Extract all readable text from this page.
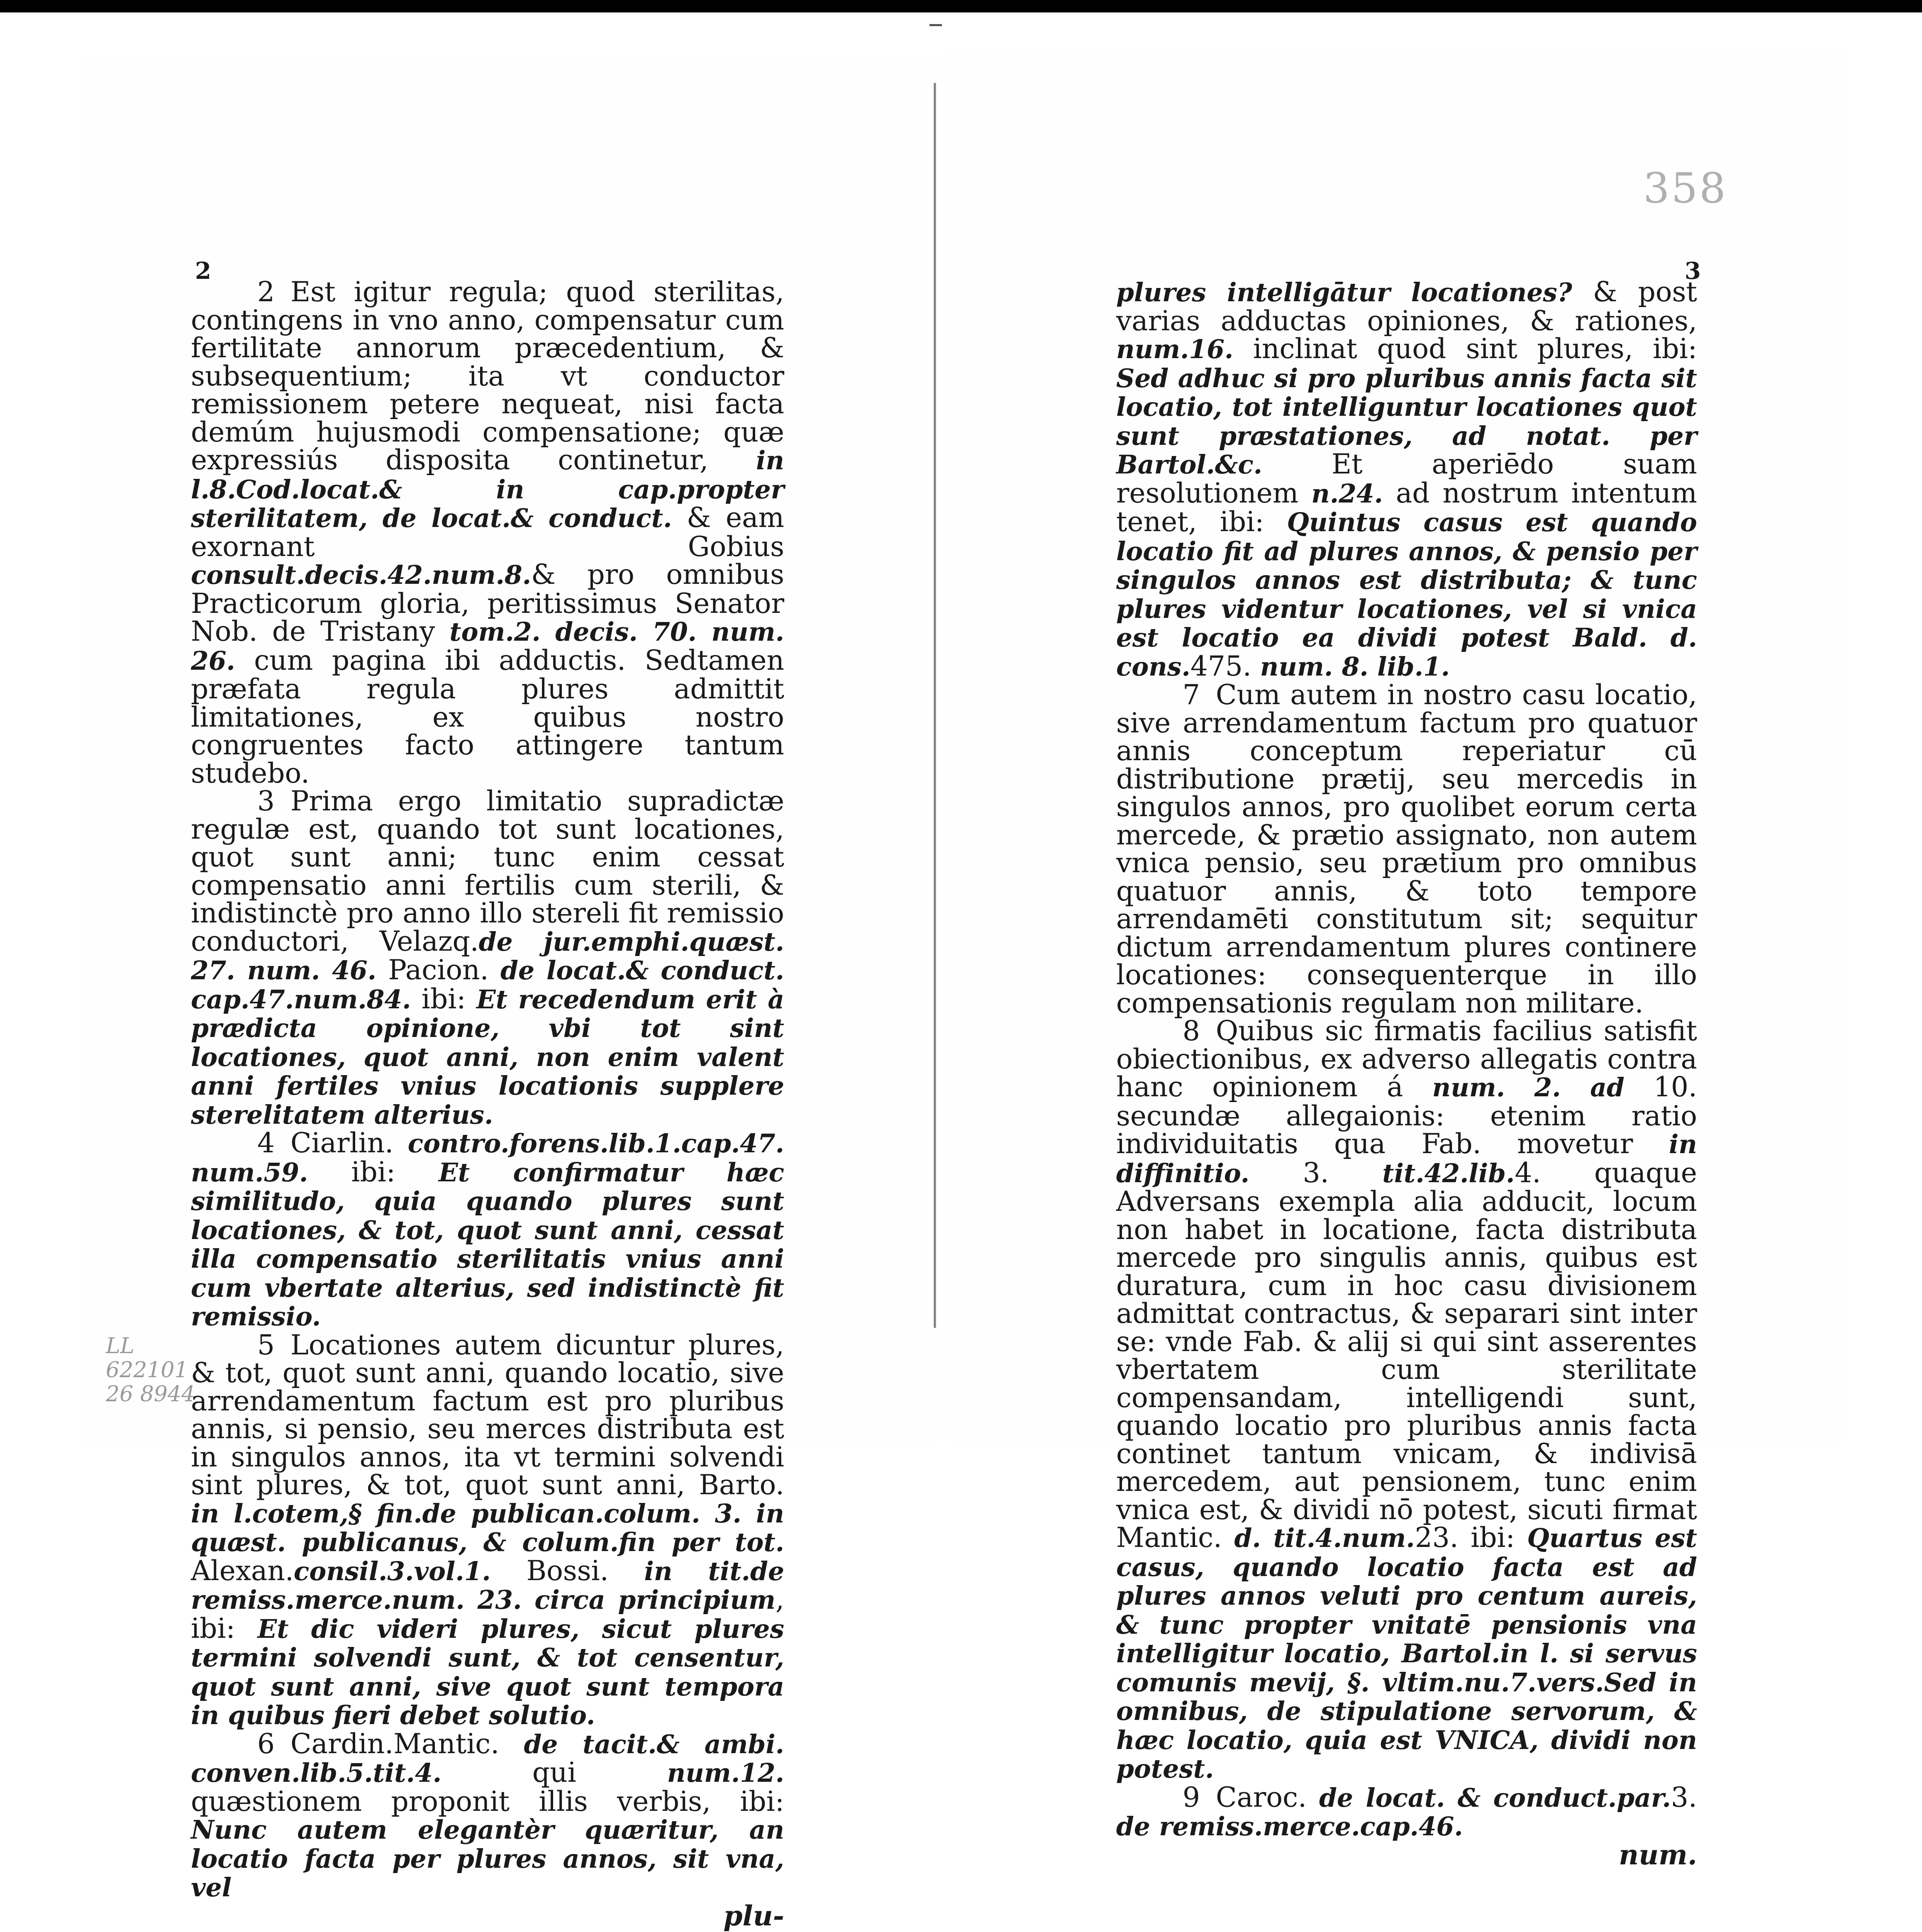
2	3
358
LL
622101
26 8944

2 Est igitur regula; quod sterilitas, contingens in vno anno, compensatur cum fertilitate annorum præcedentium, & subsequentium; ita vt conductor remissionem petere nequeat, nisi facta demúm hujusmodi compensatione; quæ expressiús disposita continetur, in l.8.Cod.locat.& in cap.propter sterilitatem, de locat.& conduct. & eam exornant Gobius consult.decis.42.num.8.& pro omnibus Practicorum gloria, peritissimus Senator Nob. de Tristany tom.2. decis. 70. num. 26. cum pagina ibi adductis. Sedtamen præfata regula plures admittit limitationes, ex quibus nostro congruentes facto attingere tantum studebo.

3 Prima ergo limitatio supradictæ regulæ est, quando tot sunt locationes, quot sunt anni; tunc enim cessat compensatio anni fertilis cum sterili, & indistinctè pro anno illo stereli fit remissio conductori, Velazq.de jur.emphi.quæst. 27. num. 46. Pacion. de locat.& conduct. cap.47.num.84. ibi: Et recedendum erit à prædicta opinione, vbi tot sint locationes, quot anni, non enim valent anni fertiles vnius locationis supplere sterelitatem alterius.

4 Ciarlin. contro.forens.lib.1.cap.47. num.59. ibi: Et confirmatur hæc similitudo, quia quando plures sunt locationes, & tot, quot sunt anni, cessat illa compensatio sterilitatis vnius anni cum vbertate alterius, sed indistinctè fit remissio.

5 Locationes autem dicuntur plures, & tot, quot sunt anni, quando locatio, sive arrendamentum factum est pro pluribus annis, si pensio, seu merces distributa est in singulos annos, ita vt termini solvendi sint plures, & tot, quot sunt anni, Barto. in l.cotem,§ fin.de publican.colum. 3. in quæst. publicanus, & colum.fin per tot. Alexan.consil.3.vol.1. Bossi. in tit.de remiss.merce.num. 23. circa principium, ibi: Et dic videri plures, sicut plures termini solvendi sunt, & tot censentur, quot sunt anni, sive quot sunt tempora in quibus fieri debet solutio.

6 Cardin.Mantic. de tacit.& ambi. conven.lib.5.tit.4. qui num.12. quæstionem proponit illis verbis, ibi: Nunc autem elegantèr quæritur, an locatio facta per plures annos, sit vna, vel

plu-

plures intelligātur locationes? & post varias adductas opiniones, & rationes, num.16. inclinat quod sint plures, ibi: Sed adhuc si pro pluribus annis facta sit locatio, tot intelliguntur locationes quot sunt præstationes, ad notat. per Bartol.&c. Et aperiēdo suam resolutionem n.24. ad nostrum intentum tenet, ibi: Quintus casus est quando locatio fit ad plures annos, & pensio per singulos annos est distributa; & tunc plures videntur locationes, vel si vnica est locatio ea dividi potest Bald. d. cons.475. num. 8. lib.1.

7 Cum autem in nostro casu locatio, sive arrendamentum factum pro quatuor annis conceptum reperiatur cū distributione prætij, seu mercedis in singulos annos, pro quolibet eorum certa mercede, & prætio assignato, non autem vnica pensio, seu prætium pro omnibus quatuor annis, & toto tempore arrendamēti constitutum sit; sequitur dictum arrendamentum plures continere locationes: consequenterque in illo compensationis regulam non militare.

8 Quibus sic firmatis facilius satisfit obiectionibus, ex adverso allegatis contra hanc opinionem á num. 2. ad 10. secundæ allegaionis: etenim ratio individuitatis qua Fab. movetur in diffinitio. 3. tit.42.lib.4. quaque Adversans exempla alia adducit, locum non habet in locatione, facta distributa mercede pro singulis annis, quibus est duratura, cum in hoc casu divisionem admittat contractus, & separari sint inter se: vnde Fab. & alij si qui sint asserentes vbertatem cum sterilitate compensandam, intelligendi sunt, quando locatio pro pluribus annis facta continet tantum vnicam, & indivisā mercedem, aut pensionem, tunc enim vnica est, & dividi nō potest, sicuti firmat Mantic. d. tit.4.num.23. ibi: Quartus est casus, quando locatio facta est ad plures annos veluti pro centum aureis, & tunc propter vnitatē pensionis vna intelligitur locatio, Bartol.in l. si servus comunis mevij, §. vltim.nu.7.vers.Sed in omnibus, de stipulatione servorum, & hæc locatio, quia est VNICA, dividi non potest.

9 Caroc. de locat. & conduct.par.3. de remiss.merce.cap.46.

num.
